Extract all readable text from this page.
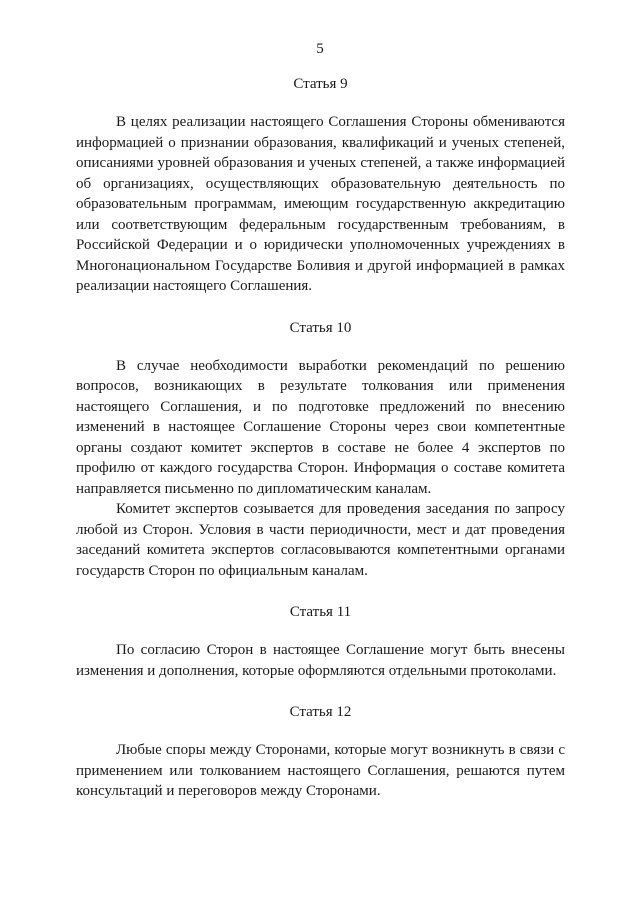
5
Статья 9

В целях реализации настоящего Соглашения Стороны обмениваются информацией о признании образования, квалификаций и ученых степеней, описаниями уровней образования и ученых степеней, а также информацией об организациях, осуществляющих образовательную деятельность по образовательным программам, имеющим государственную аккредитацию или соответствующим федеральным государственным требованиям, в Российской Федерации и о юридически уполномоченных учреждениях в Многонациональном Государстве Боливия и другой информацией в рамках реализации настоящего Соглашения.

Статья 10

В случае необходимости выработки рекомендаций по решению вопросов, возникающих в результате толкования или применения настоящего Соглашения, и по подготовке предложений по внесению изменений в настоящее Соглашение Стороны через свои компетентные органы создают комитет экспертов в составе не более 4 экспертов по профилю от каждого государства Сторон. Информация о составе комитета направляется письменно по дипломатическим каналам.

Комитет экспертов созывается для проведения заседания по запросу любой из Сторон. Условия в части периодичности, мест и дат проведения заседаний комитета экспертов согласовываются компетентными органами государств Сторон по официальным каналам.

Статья 11

По согласию Сторон в настоящее Соглашение могут быть внесены изменения и дополнения, которые оформляются отдельными протоколами.

Статья 12

Любые споры между Сторонами, которые могут возникнуть в связи с применением или толкованием настоящего Соглашения, решаются путем консультаций и переговоров между Сторонами.
